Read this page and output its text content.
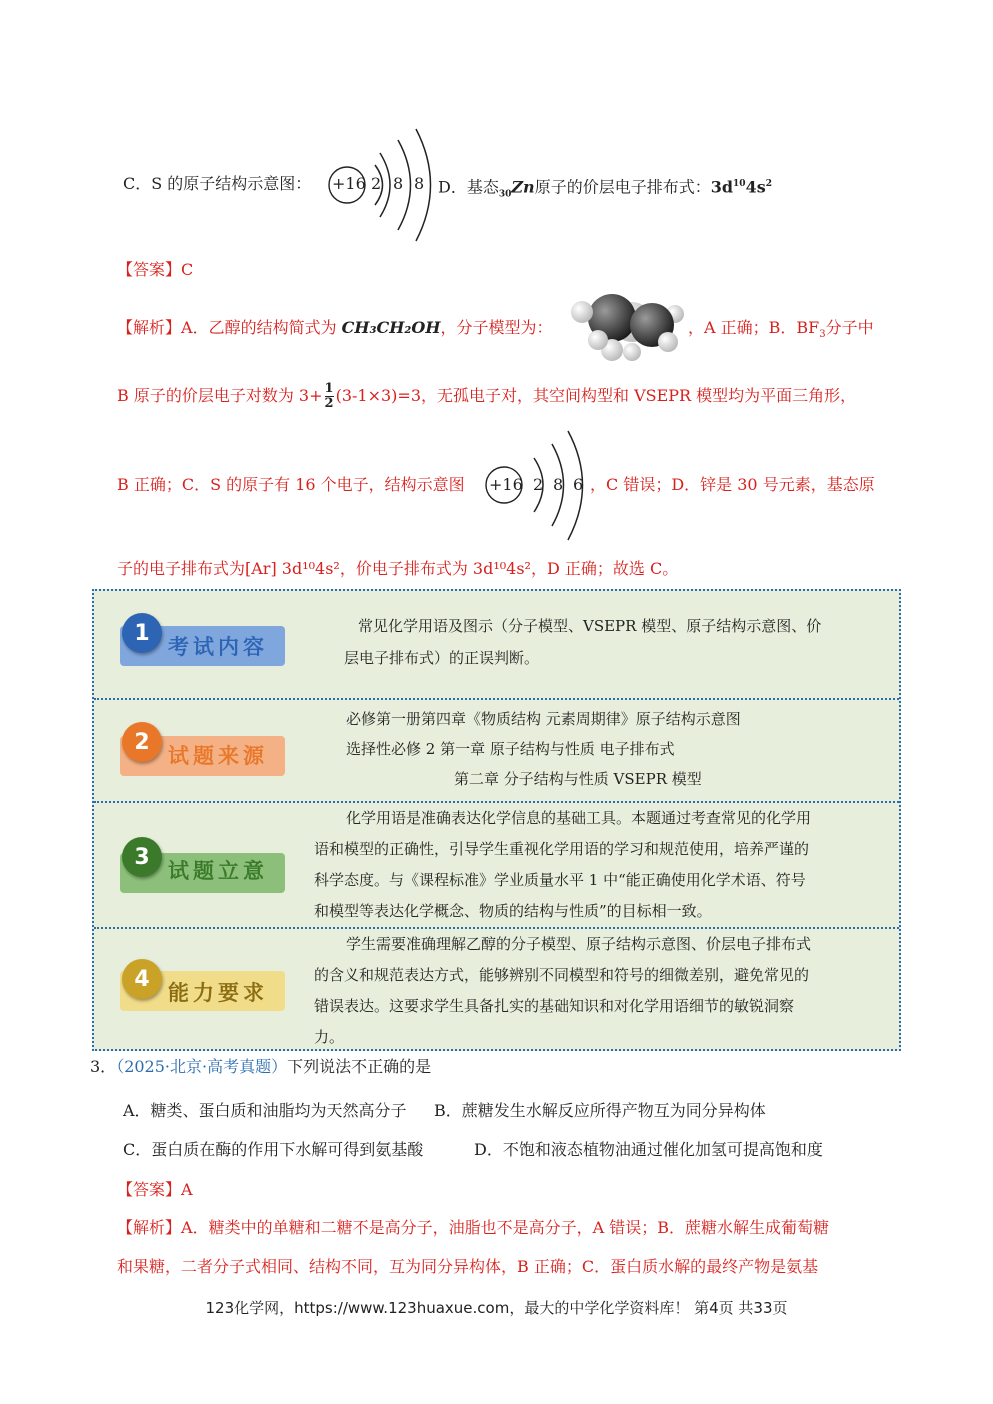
C．S 的原子结构示意图： +16 2 8 8 D．基态$_{30}$Zn原子的价层电子排布式：$3d^{10}4s^2$
【答案】C
【解析】A．乙醇的结构简式为 CH₃CH₂OH，分子模型为：	，A 正确；B．$BF_3$分子中
B 原子的价层电子对数为 $3+ \frac{1}{2} (3-1\times 3)=3$，无孤电子对，其空间构型和 VSEPR 模型均为平面三角形，
B 正确；C．S 的原子有 16 个电子，结构示意图 +16 2 8 6 ，C 错误；D．锌是 30 号元素，基态原
子的电子排布式为[Ar] 3d¹⁰4s²，价电子排布式为 3d¹⁰4s²，D 正确；故选 C。
1
考试内容
常见化学用语及图示（分子模型、VSEPR 模型、原子结构示意图、价
层电子排布式）的正误判断。
2
试题来源
必修第一册第四章《物质结构 元素周期律》原子结构示意图
选择性必修 2 第一章 原子结构与性质 电子排布式
第二章 分子结构与性质 VSEPR 模型
3
试题立意
化学用语是准确表达化学信息的基础工具。本题通过考查常见的化学用
语和模型的正确性，引导学生重视化学用语的学习和规范使用，培养严谨的
科学态度。与《课程标准》学业质量水平 1 中“能正确使用化学术语、符号
和模型等表达化学概念、物质的结构与性质”的目标相一致。
4
能力要求
学生需要准确理解乙醇的分子模型、原子结构示意图、价层电子排布式
的含义和规范表达方式，能够辨别不同模型和符号的细微差别，避免常见的
错误表达。这要求学生具备扎实的基础知识和对化学用语细节的敏锐洞察
力。
3．（2025·北京·高考真题）下列说法不正确的是
A．糖类、蛋白质和油脂均为天然高分子 B．蔗糖发生水解反应所得产物互为同分异构体
C．蛋白质在酶的作用下水解可得到氨基酸	D．不饱和液态植物油通过催化加氢可提高饱和度
【答案】A
【解析】A．糖类中的单糖和二糖不是高分子，油脂也不是高分子，A 错误；B．蔗糖水解生成葡萄糖
和果糖，二者分子式相同、结构不同，互为同分异构体，B 正确；C．蛋白质水解的最终产物是氨基
123化学网，https://www.123huaxue.com，最大的中学化学资料库！ 第4页 共33页
